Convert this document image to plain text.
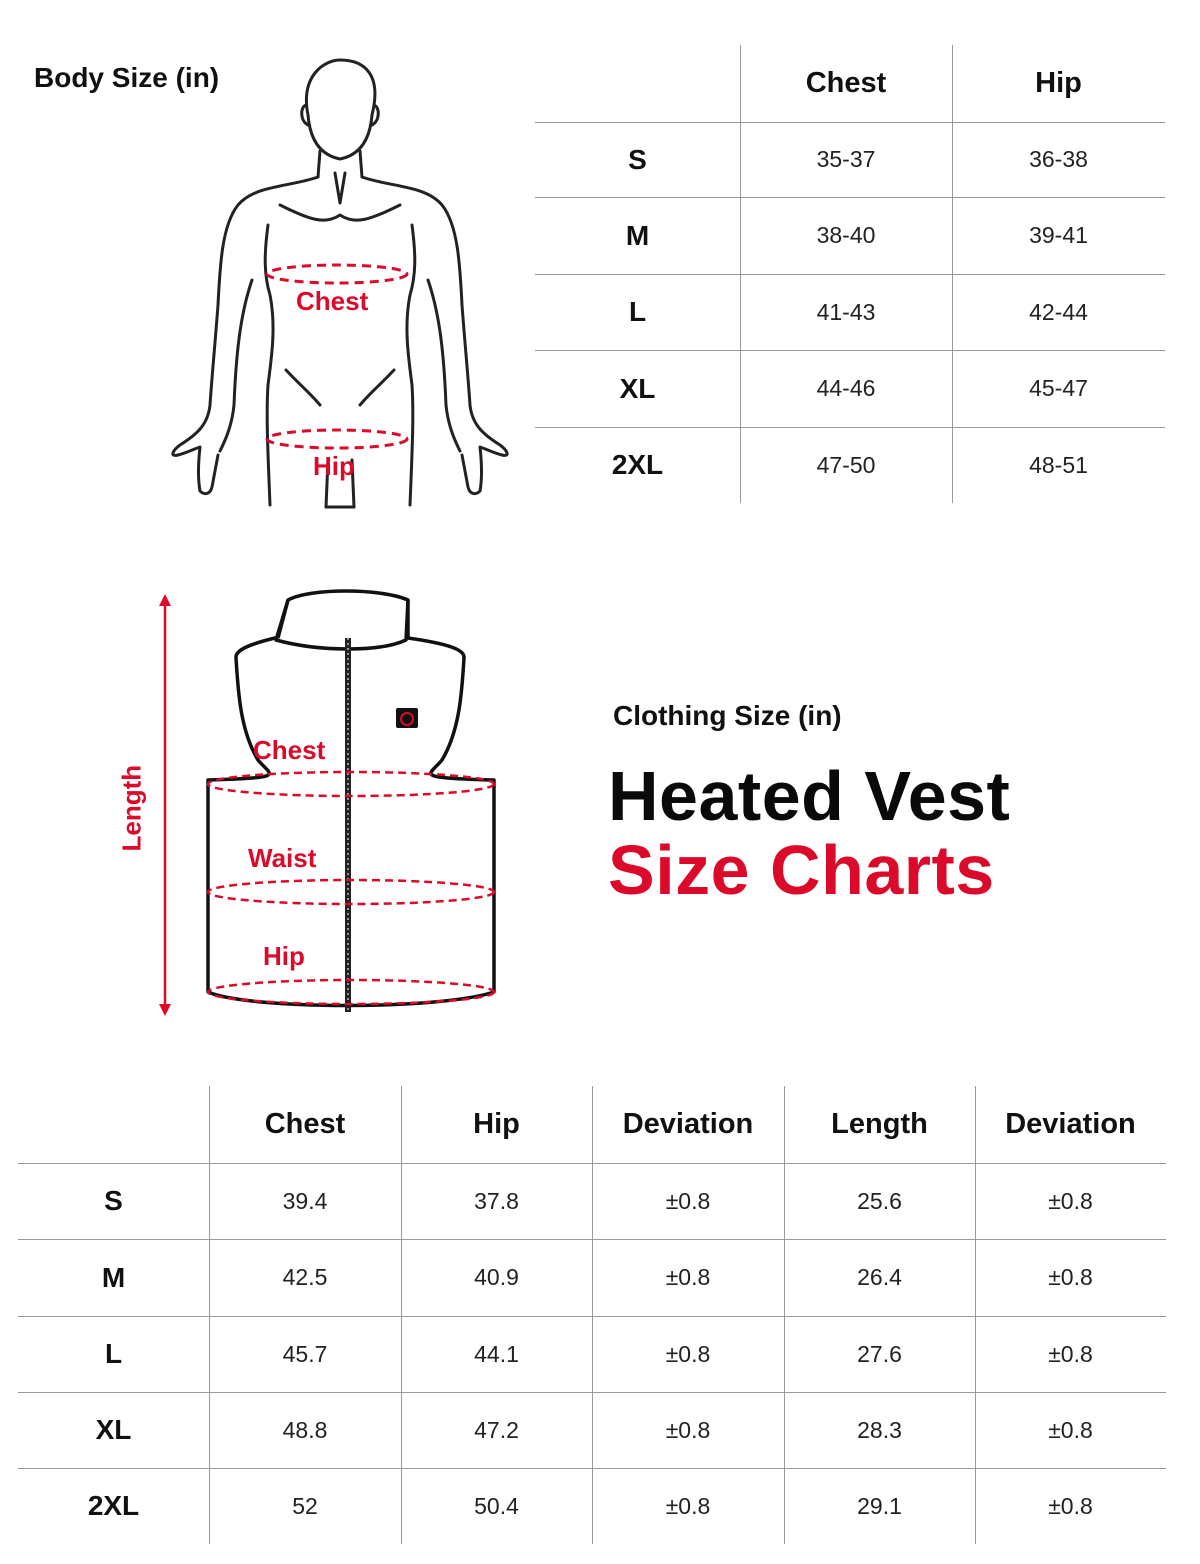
Body Size (in)
Chest
Hip
Chest	Hip
S	35-37	36-38
M	38-40	39-41
L	41-43	42-44
XL	44-46	45-47
2XL	47-50	48-51
Length
Chest
Waist
Hip
Clothing Size (in)
Heated Vest
Size Charts
Chest	Hip	Deviation	Length	Deviation
S	39.4	37.8	±0.8	25.6	±0.8
M	42.5	40.9	±0.8	26.4	±0.8
L	45.7	44.1	±0.8	27.6	±0.8
XL	48.8	47.2	±0.8	28.3	±0.8
2XL	52	50.4	±0.8	29.1	±0.8
